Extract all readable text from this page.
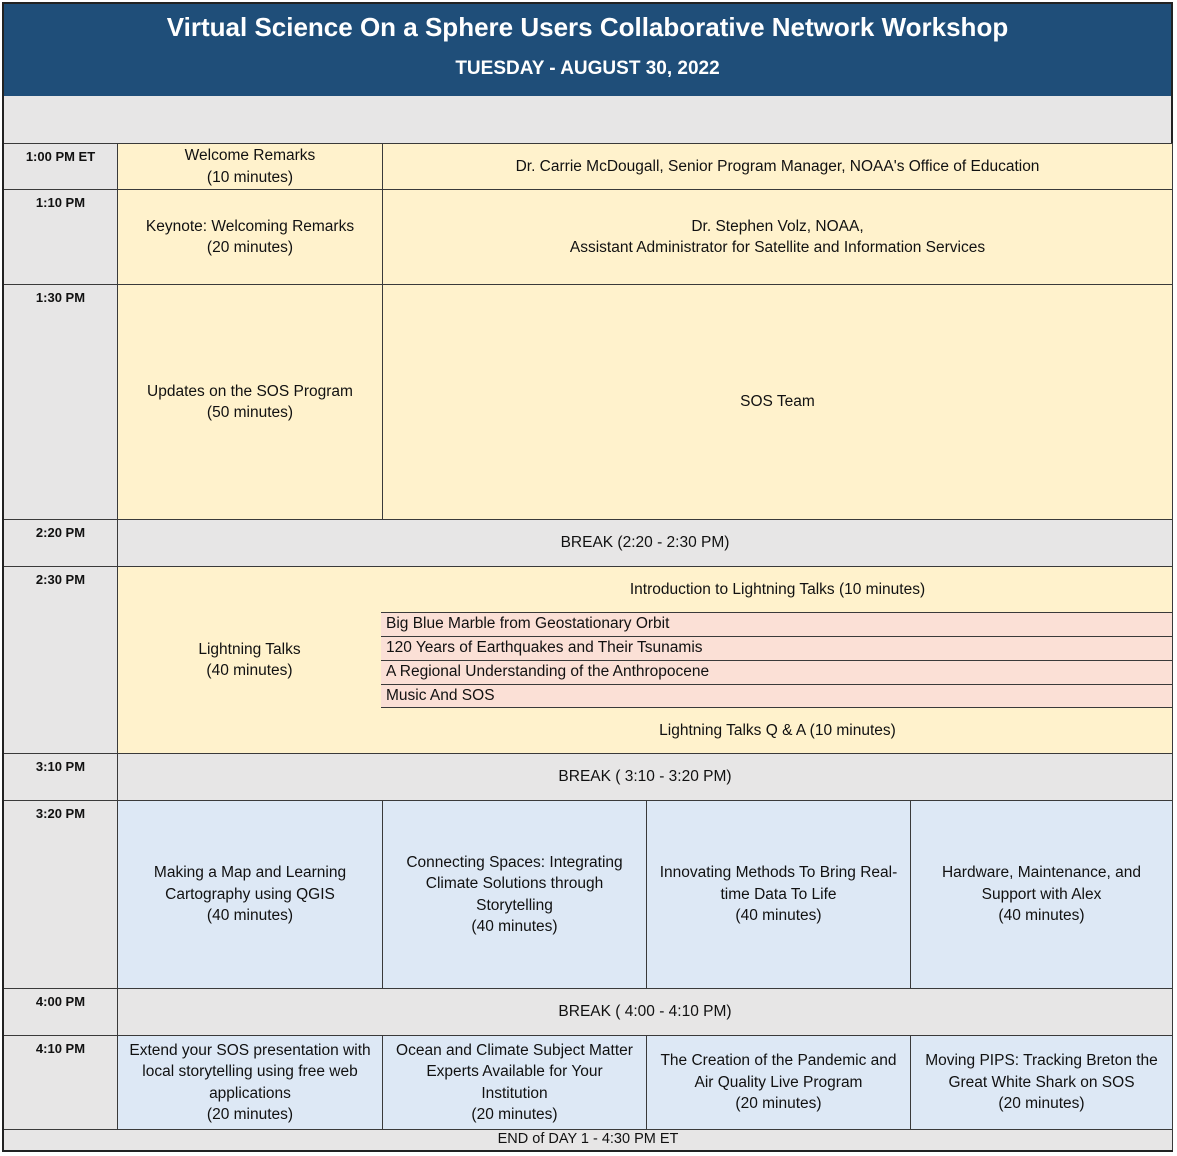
Virtual Science On a Sphere Users Collaborative Network Workshop
TUESDAY - AUGUST 30, 2022
1:00 PM ET
1:10 PM
1:30 PM
2:20 PM
2:30 PM
3:10 PM
3:20 PM
4:00 PM
4:10 PM
Welcome Remarks
(10 minutes)
Dr. Carrie McDougall, Senior Program Manager, NOAA's Office of Education
Keynote: Welcoming Remarks
(20 minutes)
Dr. Stephen Volz, NOAA,
Assistant Administrator for Satellite and Information Services
Updates on the SOS Program
(50 minutes)
SOS Team
BREAK (2:20 - 2:30 PM)
Lightning Talks
(40 minutes)
Introduction to Lightning Talks (10 minutes)
Big Blue Marble from Geostationary Orbit
120 Years of Earthquakes and Their Tsunamis
A Regional Understanding of the Anthropocene
Music And SOS
Lightning Talks Q & A (10 minutes)
BREAK ( 3:10 - 3:20 PM)
Making a Map and Learning
Cartography using QGIS
(40 minutes)
Connecting Spaces: Integrating
Climate Solutions through
Storytelling
(40 minutes)
Innovating Methods To Bring Real-
time Data To Life
(40 minutes)
Hardware, Maintenance, and
Support with Alex
(40 minutes)
BREAK ( 4:00 - 4:10 PM)
Extend your SOS presentation with
local storytelling using free web
applications
(20 minutes)
Ocean and Climate Subject Matter
Experts Available for Your
Institution
(20 minutes)
The Creation of the Pandemic and
Air Quality Live Program
(20 minutes)
Moving PIPS: Tracking Breton the
Great White Shark on SOS
(20 minutes)
END of DAY 1 - 4:30 PM ET
